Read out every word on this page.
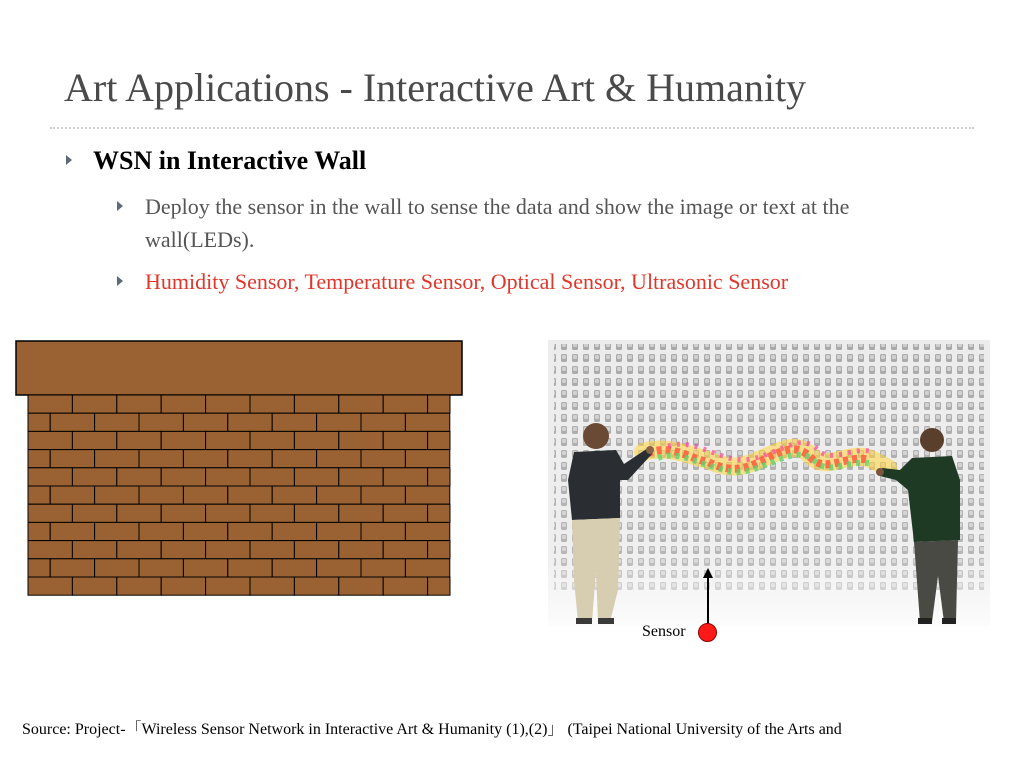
Art Applications - Interactive Art & Humanity
WSN in Interactive Wall
Deploy the sensor in the wall to sense the data and show the image or text at the wall(LEDs).
Humidity Sensor, Temperature Sensor, Optical Sensor, Ultrasonic Sensor
Sensor
Source: Project-「Wireless Sensor Network in Interactive Art & Humanity (1),(2)」 (Taipei National University of the Arts and
